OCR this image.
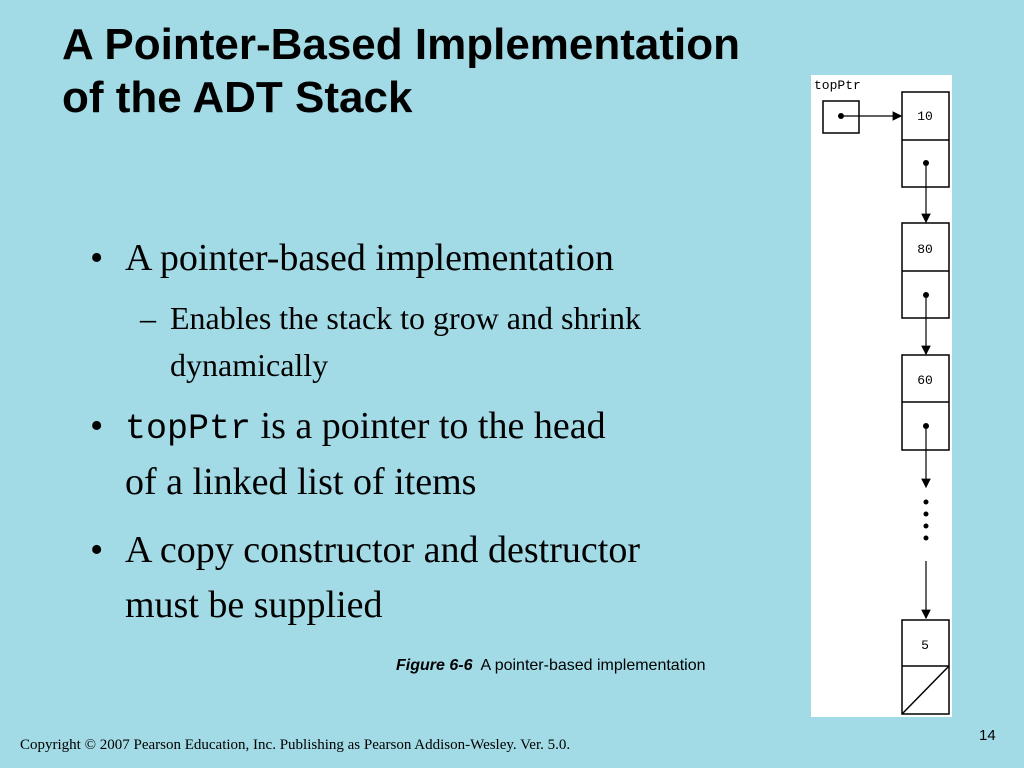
A Pointer-Based Implementation
of the ADT Stack
• A pointer-based implementation
– Enables the stack to grow and shrink
dynamically
• topPtr is a pointer to the head
of a linked list of items
• A copy constructor and destructor
must be supplied
topPtr
10
80
60
5
Figure 6-6 A pointer-based implementation
Copyright © 2007 Pearson Education, Inc. Publishing as Pearson Addison-Wesley. Ver. 5.0.
14
